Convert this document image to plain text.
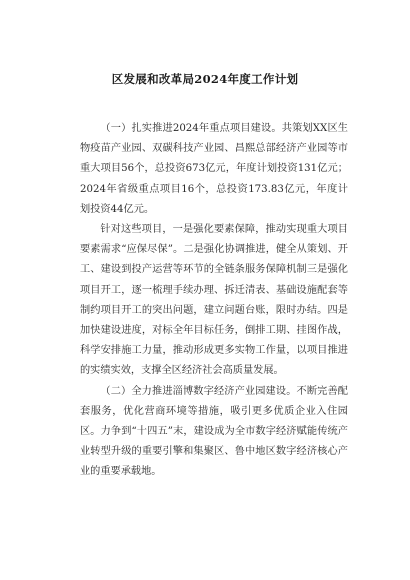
区发展和改革局2024年度工作计划

（一）扎实推进2024年重点项目建设。共策划XX区生物疫苗产业园、双碳科技产业园、昌熙总部经济产业园等市重大项目56个，总投资673亿元，年度计划投资131亿元；2024年省级重点项目16个，总投资173.83亿元，年度计划投资44亿元。

针对这些项目，一是强化要素保障，推动实现重大项目要素需求“应保尽保”。二是强化协调推进，健全从策划、开工、建设到投产运营等环节的全链条服务保障机制三是强化项目开工，逐一梳理手续办理、拆迁清表、基础设施配套等制约项目开工的突出问题，建立问题台账，限时办结。四是加快建设进度，对标全年目标任务，倒排工期、挂图作战，科学安排施工力量，推动形成更多实物工作量，以项目推进的实绩实效，支撑全区经济社会高质量发展。

（二）全力推进淄博数字经济产业园建设。不断完善配套服务，优化营商环境等措施，吸引更多优质企业入住园区。力争到“十四五”末，建设成为全市数字经济赋能传统产业转型升级的重要引擎和集聚区、鲁中地区数字经济核心产业的重要承载地。
